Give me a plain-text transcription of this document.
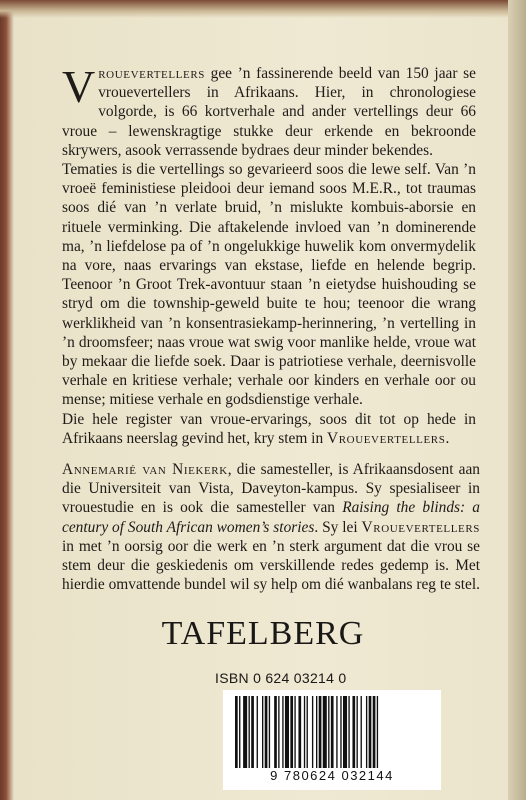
Vrouevertellers gee ’n fassinerende beeld van 150 jaar se vrouevertellers in Afrikaans. Hier, in chronologiese volgorde, is 66 kortverhale and ander vertellings deur 66 vroue – lewenskragtige stukke deur erkende en bekroonde skrywers, asook verrassende bydraes deur minder bekendes.

Tematies is die vertellings so gevarieerd soos die lewe self. Van ’n vroeë feministiese pleidooi deur iemand soos M.E.R., tot traumas soos dié van ’n verlate bruid, ’n mislukte kombuis-aborsie en rituele verminking. Die aftakelende invloed van ’n dominerende ma, ’n liefdelose pa of ’n ongelukkige huwelik kom onvermydelik na vore, naas ervarings van ekstase, liefde en helende begrip. Teenoor ’n Groot Trek-avontuur staan ’n eietydse huishouding se stryd om die township-geweld buite te hou; teenoor die wrang werklikheid van ’n konsentrasiekamp-herinnering, ’n vertelling in ’n droomsfeer; naas vroue wat swig voor manlike helde, vroue wat by mekaar die liefde soek. Daar is patriotiese verhale, deernisvolle verhale en kritiese verhale; verhale oor kinders en verhale oor ou mense; mitiese verhale en godsdienstige verhale.

Die hele register van vroue-ervarings, soos dit tot op hede in Afrikaans neerslag gevind het, kry stem in Vrouevertellers.

Annemarié van Niekerk, die samesteller, is Afrikaansdosent aan die Universiteit van Vista, Daveyton-kampus. Sy spesialiseer in vrouestudie en is ook die samesteller van Raising the blinds: a century of South African women’s stories. Sy lei Vrouevertellers in met ’n oorsig oor die werk en ’n sterk argument dat die vrou se stem deur die geskiedenis om verskillende redes gedemp is. Met hierdie omvattende bundel wil sy help om dié wanbalans reg te stel.
TAFELBERG
ISBN 0 624 03214 0
9 780624 032144
